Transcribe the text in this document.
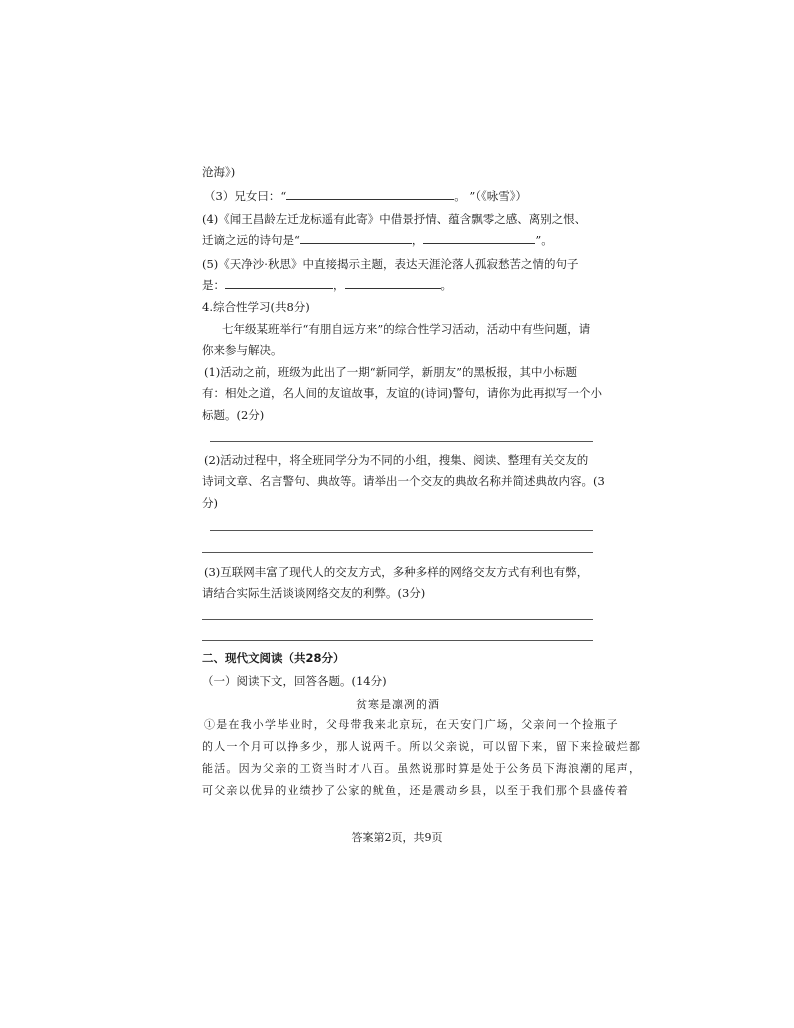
沧海》)
（3）兄女曰：“	。 ”（《咏雪》）
(4)《闻王昌龄左迁龙标遥有此寄》中借景抒情、蕴含飘零之感、离别之恨、
迁谪之远的诗句是“	，	”。
(5)《天净沙·秋思》中直接揭示主题，表达天涯沦落人孤寂愁苦之情的句子
是：	，	。
4.综合性学习(共8分)
七年级某班举行“有朋自远方来”的综合性学习活动，活动中有些问题，请
你来参与解决。
(1)活动之前，班级为此出了一期“新同学，新朋友”的黑板报，其中小标题
有：相处之道，名人间的友谊故事，友谊的(诗词)警句，请你为此再拟写一个小
标题。(2分)
(2)活动过程中，将全班同学分为不同的小组，搜集、阅读、整理有关交友的
诗词文章、名言警句、典故等。请举出一个交友的典故名称并简述典故内容。(3
分)
(3)互联网丰富了现代人的交友方式，多种多样的网络交友方式有利也有弊，
请结合实际生活谈谈网络交友的利弊。(3分)
二、现代文阅读（共28分）
（一）阅读下文，回答各题。(14分)
贫寒是凛冽的酒
①是在我小学毕业时，父母带我来北京玩，在天安门广场，父亲问一个捡瓶子
的人一个月可以挣多少，那人说两千。所以父亲说，可以留下来，留下来捡破烂都
能活。因为父亲的工资当时才八百。虽然说那时算是处于公务员下海浪潮的尾声，
可父亲以优异的业绩抄了公家的鱿鱼，还是震动乡县，以至于我们那个县盛传着
答案第2页，共9页
